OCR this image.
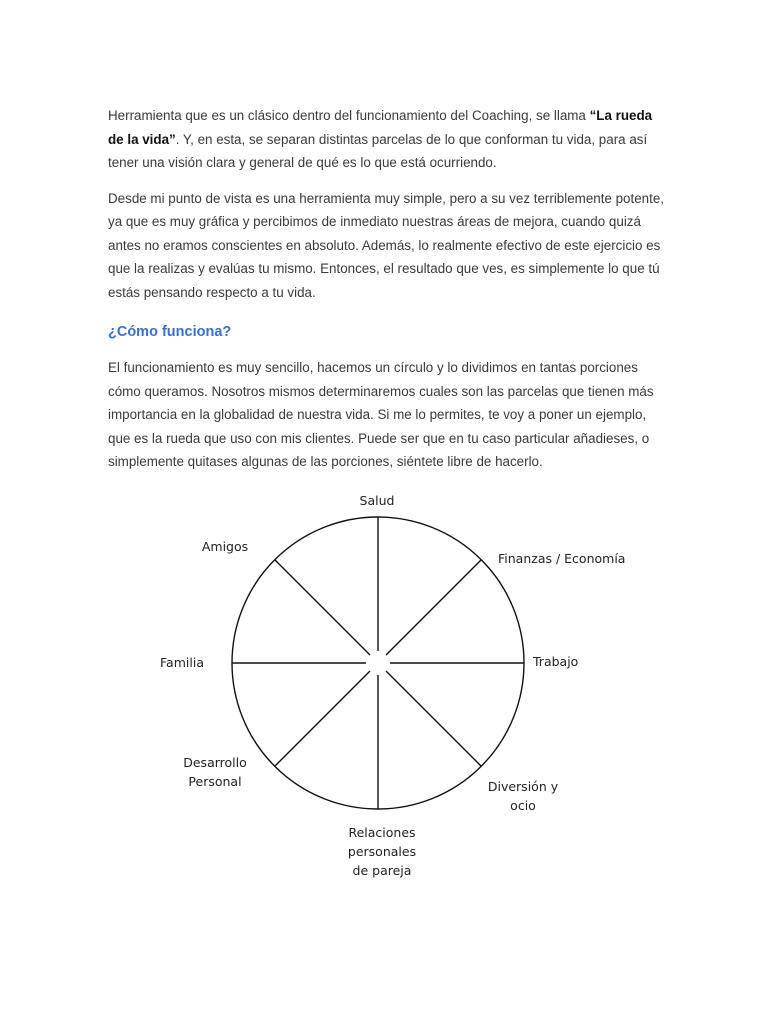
Herramienta que es un clásico dentro del funcionamiento del Coaching, se llama “La rueda de la vida”. Y, en esta, se separan distintas parcelas de lo que conforman tu vida, para así tener una visión clara y general de qué es lo que está ocurriendo.

Desde mi punto de vista es una herramienta muy simple, pero a su vez terriblemente potente, ya que es muy gráfica y percibimos de inmediato nuestras áreas de mejora, cuando quizá antes no eramos conscientes en absoluto. Además, lo realmente efectivo de este ejercicio es que la realizas y evalúas tu mismo. Entonces, el resultado que ves, es simplemente lo que tú estás pensando respecto a tu vida.

¿Cómo funciona?

El funcionamiento es muy sencillo, hacemos un círculo y lo dividimos en tantas porciones cómo queramos. Nosotros mismos determinaremos cuales son las parcelas que tienen más importancia en la globalidad de nuestra vida. Si me lo permites, te voy a poner un ejemplo, que es la rueda que uso con mis clientes. Puede ser que en tu caso particular añadieses, o simplemente quitases algunas de las porciones, siéntete libre de hacerlo.

Salud
Finanzas / Economía
Trabajo
Diversión y
ocio
Relaciones
personales
de pareja
Desarrollo
Personal
Familia
Amigos
